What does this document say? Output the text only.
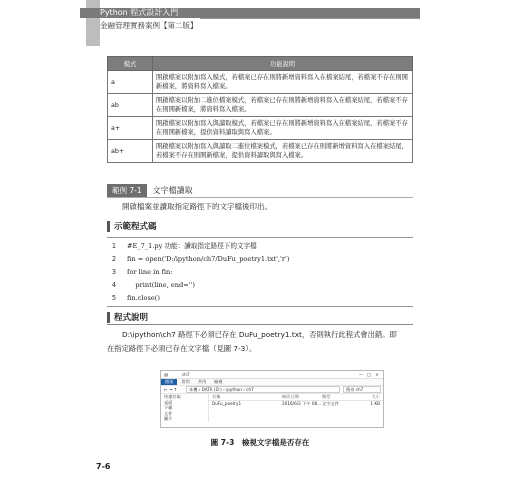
Python 程式設計入門
金融管理實務案例【第二版】
模式	功能說明
a	開啟檔案以附加寫入模式，若檔案已存在則將新增資料寫入在檔案結尾，若檔案不存在則開新檔案，將資料寫入檔案。
ab	開啟檔案以附加二進位檔案模式，若檔案已存在則將新增資料寫入在檔案結尾，若檔案不存在則開新檔案，將資料寫入檔案。
a+	開啟檔案以附加寫入與讀取模式，若檔案已存在則將新增資料寫入在檔案結尾，若檔案不存在則開新檔案，提供資料讀取與寫入檔案。
ab+	開啟檔案以附加寫入與讀取二進位檔案模式，若檔案已存在則將新增資料寫入在檔案結尾，若檔案不存在則開新檔案，提供資料讀取與寫入檔案。
範例 7-1	文字檔讀取
開啟檔案並讀取指定路徑下的文字檔後印出。
示範程式碼
1	#E_7_1.py 功能：讀取指定路徑下的文字檔
2	fin = open('D:/ipython/ch7/DuFu_poetry1.txt','r')
3	for line in fin:
4	print(line, end='')
5	fin.close()
程式說明
D:\ipython\ch7 路徑下必須已存在 DuFu_poetry1.txt，否則執行此程式會出錯。即
在指定路徑下必須已存在文字檔（見圖 7-3）。
▤	ch7	— □	×
檔案	常用	共用	檢視
← → ↑	本機 › DATA (D:) › ipython › ch7	搜尋 ch7
快速存取
桌面
下載
文件
圖片
名稱	修改日期	類型	大小
DuFu_poetry1	2016/6/2 下午 08... 文字文件	1 KB
圖 7-3　檢視文字檔是否存在
7-6
